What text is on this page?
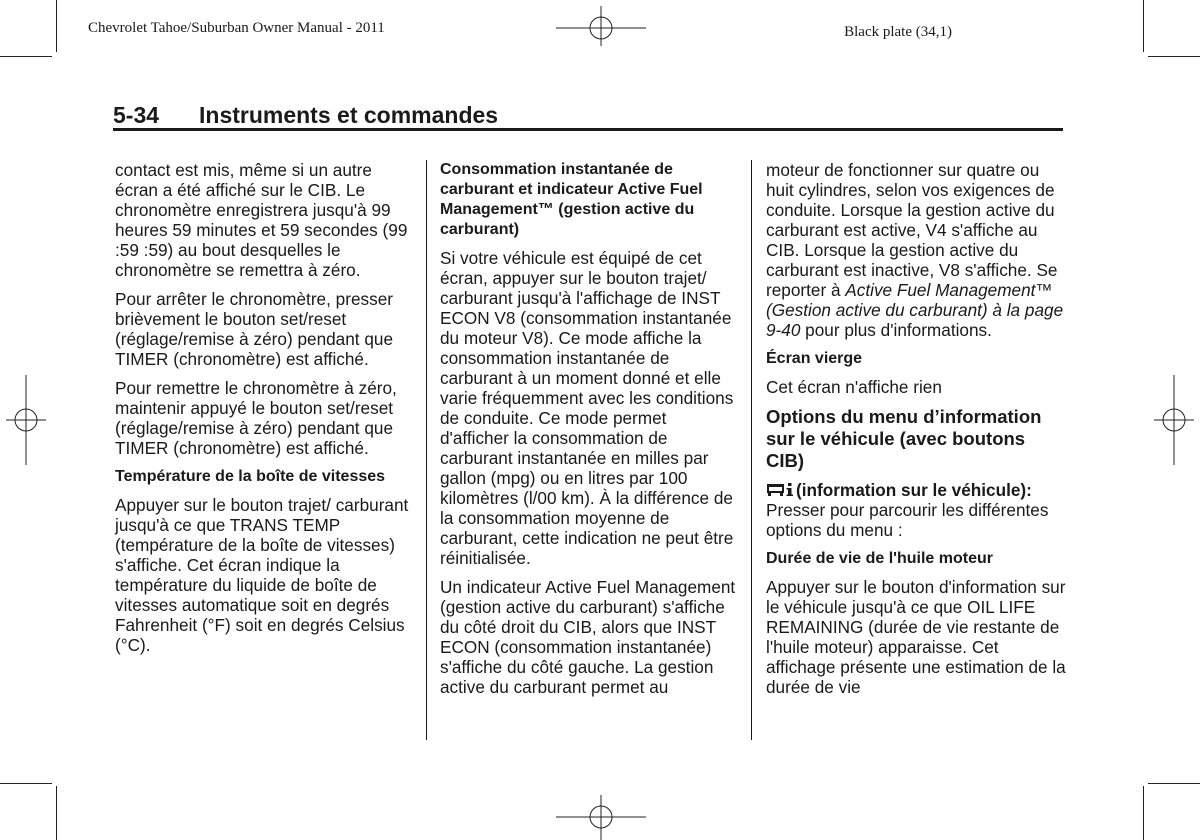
Chevrolet Tahoe/Suburban Owner Manual - 2011	Black plate (34,1)
5-34 Instruments et commandes

contact est mis, même si un autre écran a été affiché sur le CIB. Le chronomètre enregistrera jusqu'à 99 heures 59 minutes et 59 secondes (99 :59 :59) au bout desquelles le chronomètre se remettra à zéro.

Pour arrêter le chronomètre, presser brièvement le bouton set/reset (réglage/remise à zéro) pendant que TIMER (chronomètre) est affiché.

Pour remettre le chronomètre à zéro, maintenir appuyé le bouton set/reset (réglage/remise à zéro) pendant que TIMER (chronomètre) est affiché.

Température de la boîte de vitesses

Appuyer sur le bouton trajet/ carburant jusqu'à ce que TRANS TEMP (température de la boîte de vitesses) s'affiche. Cet écran indique la température du liquide de boîte de vitesses automatique soit en degrés Fahrenheit (°F) soit en degrés Celsius (°C).

Consommation instantanée de carburant et indicateur Active Fuel Management™ (gestion active du carburant)

Si votre véhicule est équipé de cet écran, appuyer sur le bouton trajet/ carburant jusqu'à l'affichage de INST ECON V8 (consommation instantanée du moteur V8). Ce mode affiche la consommation instantanée de carburant à un moment donné et elle varie fréquemment avec les conditions de conduite. Ce mode permet d'afficher la consommation de carburant instantanée en milles par gallon (mpg) ou en litres par 100 kilomètres (l/00 km). À la différence de la consommation moyenne de carburant, cette indication ne peut être réinitialisée.

Un indicateur Active Fuel Management (gestion active du carburant) s'affiche du côté droit du CIB, alors que INST ECON (consommation instantanée) s'affiche du côté gauche. La gestion active du carburant permet au

moteur de fonctionner sur quatre ou huit cylindres, selon vos exigences de conduite. Lorsque la gestion active du carburant est active, V4 s'affiche au CIB. Lorsque la gestion active du carburant est inactive, V8 s'affiche. Se reporter à Active Fuel Management™ (Gestion active du carburant) à la page 9-40 pour plus d'informations.

Écran vierge

Cet écran n'affiche rien

Options du menu d’information sur le véhicule (avec boutons CIB)

(information sur le véhicule): Presser pour parcourir les différentes options du menu :

Durée de vie de l'huile moteur

Appuyer sur le bouton d'information sur le véhicule jusqu'à ce que OIL LIFE REMAINING (durée de vie restante de l'huile moteur) apparaisse. Cet affichage présente une estimation de la durée de vie
